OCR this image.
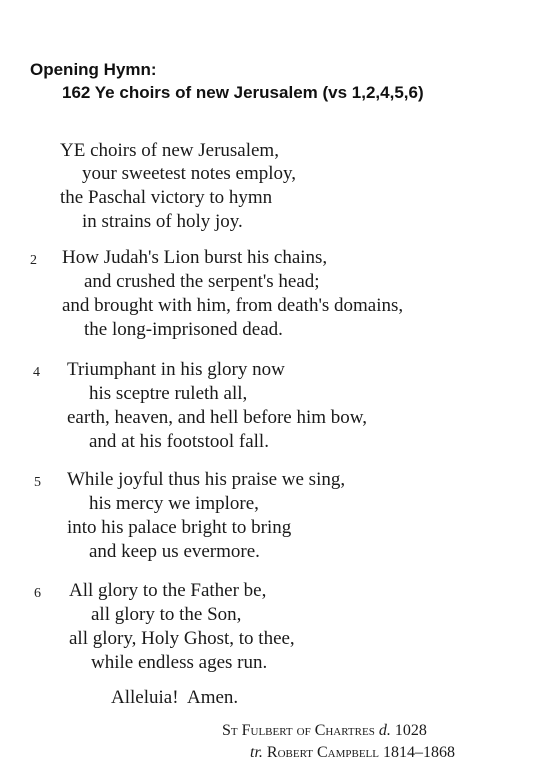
Opening Hymn:
162 Ye choirs of new Jerusalem (vs 1,2,4,5,6)
YE choirs of new Jerusalem,
your sweetest notes employ,
the Paschal victory to hymn
in strains of holy joy.
2 How Judah's Lion burst his chains,
and crushed the serpent's head;
and brought with him, from death's domains,
the long-imprisoned dead.
4 Triumphant in his glory now
his sceptre ruleth all,
earth, heaven, and hell before him bow,
and at his footstool fall.
5 While joyful thus his praise we sing,
his mercy we implore,
into his palace bright to bring
and keep us evermore.
6 All glory to the Father be,
all glory to the Son,
all glory, Holy Ghost, to thee,
while endless ages run.
Alleluia!  Amen.
St Fulbert of Chartres d. 1028
tr. Robert Campbell 1814–1868
